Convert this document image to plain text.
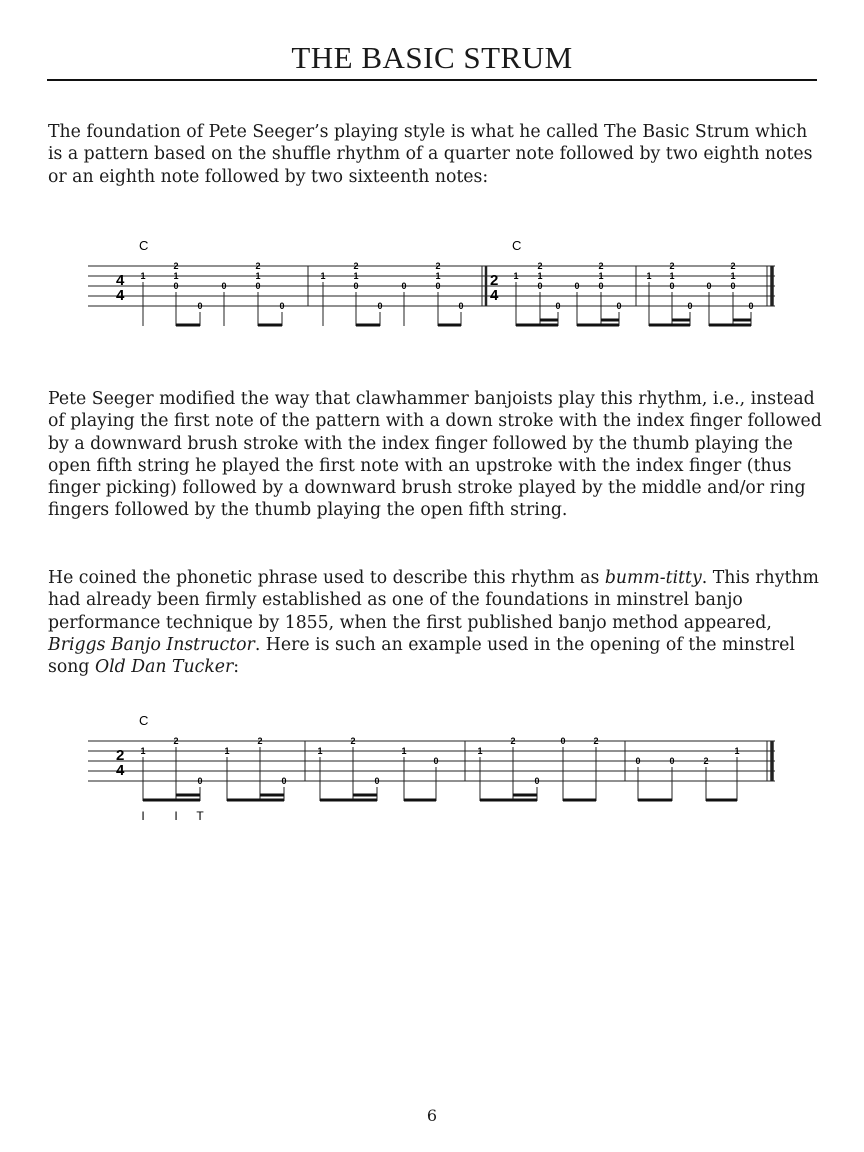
THE BASIC STRUM

The foundation of Pete Seeger’s playing style is what he called The Basic Strum which is a pattern based on the shuffle rhythm of a quarter note followed by two eighth notes or an eighth note followed by two sixteenth notes:

C	C
4
4
2
4
1
2
1
0
0
0
2
1
0
0
1
2
1
0
0
0
2
1
0
0
1
2
1
0
0
0
2
1
0
0
1
2
1
0
0
0
2
1
0
0

Pete Seeger modified the way that clawhammer banjoists play this rhythm, i.e., instead of playing the first note of the pattern with a down stroke with the index finger followed by a downward brush stroke with the index finger followed by the thumb playing the open fifth string he played the first note with an upstroke with the index finger (thus finger picking) followed by a downward brush stroke played by the middle and/or ring fingers followed by the thumb playing the open fifth string.

He coined the phonetic phrase used to describe this rhythm as bumm-titty. This rhythm had already been firmly established as one of the foundations in minstrel banjo performance technique by 1855, when the first published banjo method appeared, Briggs Banjo Instructor. Here is such an example used in the opening of the minstrel song Old Dan Tucker:

C
2
4
1
2
0
1
2
0
1
2
0
1
0
1
2
0
0	2
0	0	2
1
I I T
6
